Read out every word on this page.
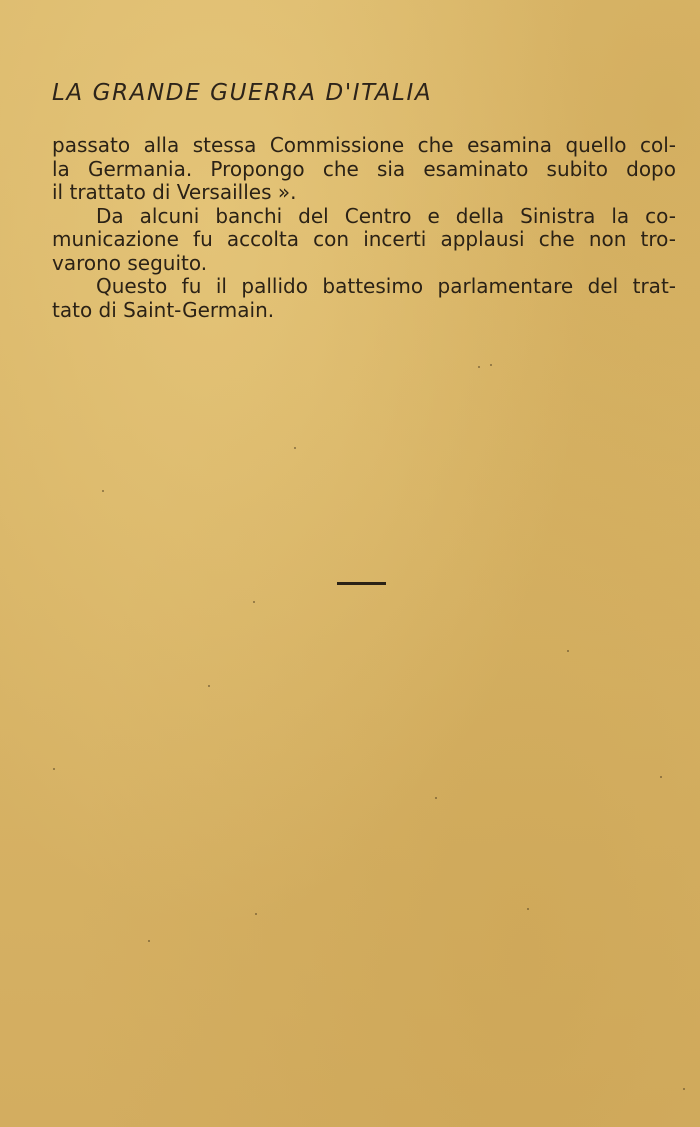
LA GRANDE GUERRA D'ITALIA
passato alla stessa Commissione che esamina quello col-
la Germania. Propongo che sia esaminato subito dopo
il trattato di Versailles ».
Da alcuni banchi del Centro e della Sinistra la co-
municazione fu accolta con incerti applausi che non tro-
varono seguito.
Questo fu il pallido battesimo parlamentare del trat-
tato di Saint-Germain.
